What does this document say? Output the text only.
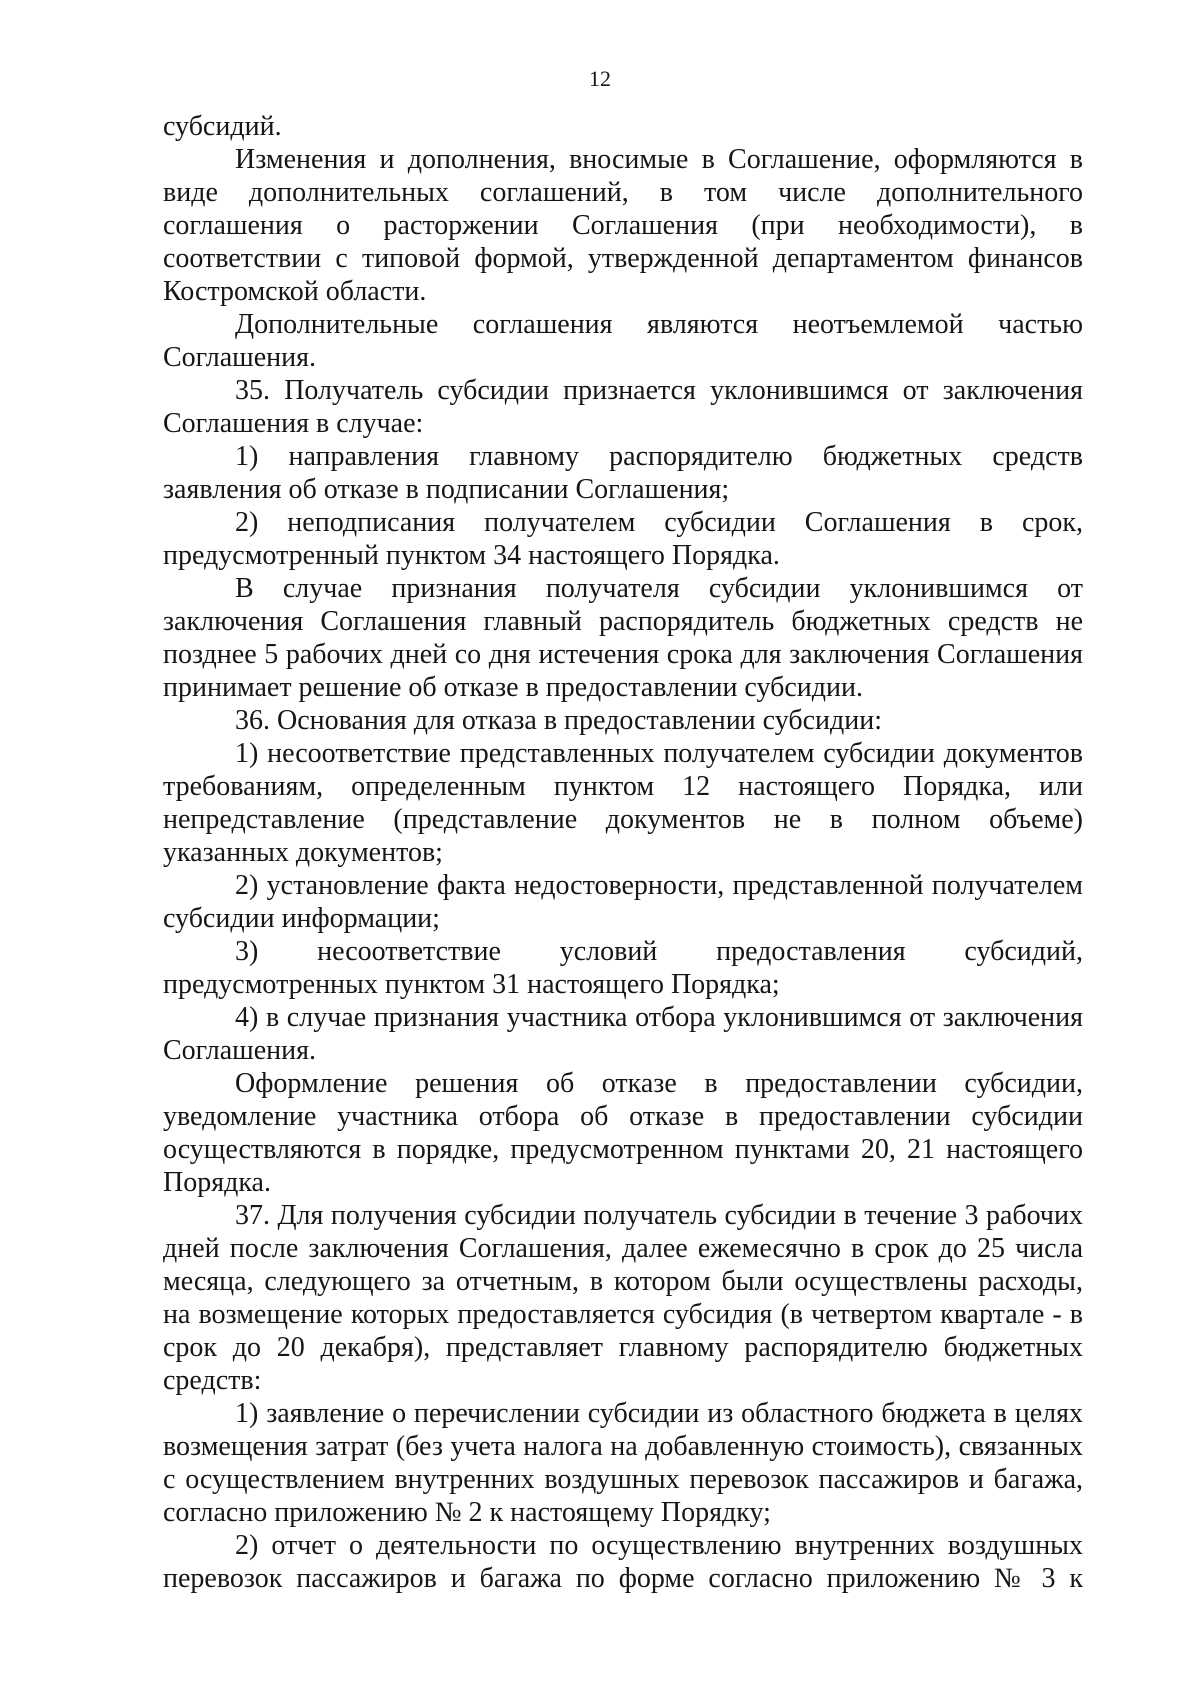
12

субсидий.

Изменения и дополнения, вносимые в Соглашение, оформляются в виде дополнительных соглашений, в том числе дополнительного соглашения о расторжении Соглашения (при необходимости), в соответствии с типовой формой, утвержденной департаментом финансов Костромской области.

Дополнительные соглашения являются неотъемлемой частью Соглашения.

35. Получатель субсидии признается уклонившимся от заключения Соглашения в случае:

1) направления главному распорядителю бюджетных средств заявления об отказе в подписании Соглашения;

2) неподписания получателем субсидии Соглашения в срок, предусмотренный пунктом 34 настоящего Порядка.

В случае признания получателя субсидии уклонившимся от заключения Соглашения главный распорядитель бюджетных средств не позднее 5 рабочих дней со дня истечения срока для заключения Соглашения принимает решение об отказе в предоставлении субсидии.

36. Основания для отказа в предоставлении субсидии:

1) несоответствие представленных получателем субсидии документов требованиям, определенным пунктом 12 настоящего Порядка, или непредставление (представление документов не в полном объеме) указанных документов;

2) установление факта недостоверности, представленной получателем субсидии информации;

3) несоответствие условий предоставления субсидий, предусмотренных пунктом 31 настоящего Порядка;

4) в случае признания участника отбора уклонившимся от заключения Соглашения.

Оформление решения об отказе в предоставлении субсидии, уведомление участника отбора об отказе в предоставлении субсидии осуществляются в порядке, предусмотренном пунктами 20, 21 настоящего Порядка.

37. Для получения субсидии получатель субсидии в течение 3 рабочих дней после заключения Соглашения, далее ежемесячно в срок до 25 числа месяца, следующего за отчетным, в котором были осуществлены расходы, на возмещение которых предоставляется субсидия (в четвертом квартале - в срок до 20 декабря), представляет главному распорядителю бюджетных средств:

1) заявление о перечислении субсидии из областного бюджета в целях возмещения затрат (без учета налога на добавленную стоимость), связанных с осуществлением внутренних воздушных перевозок пассажиров и багажа, согласно приложению № 2 к настоящему Порядку;

2) отчет о деятельности по осуществлению внутренних воздушных перевозок пассажиров и багажа по форме согласно приложению № 3 к
